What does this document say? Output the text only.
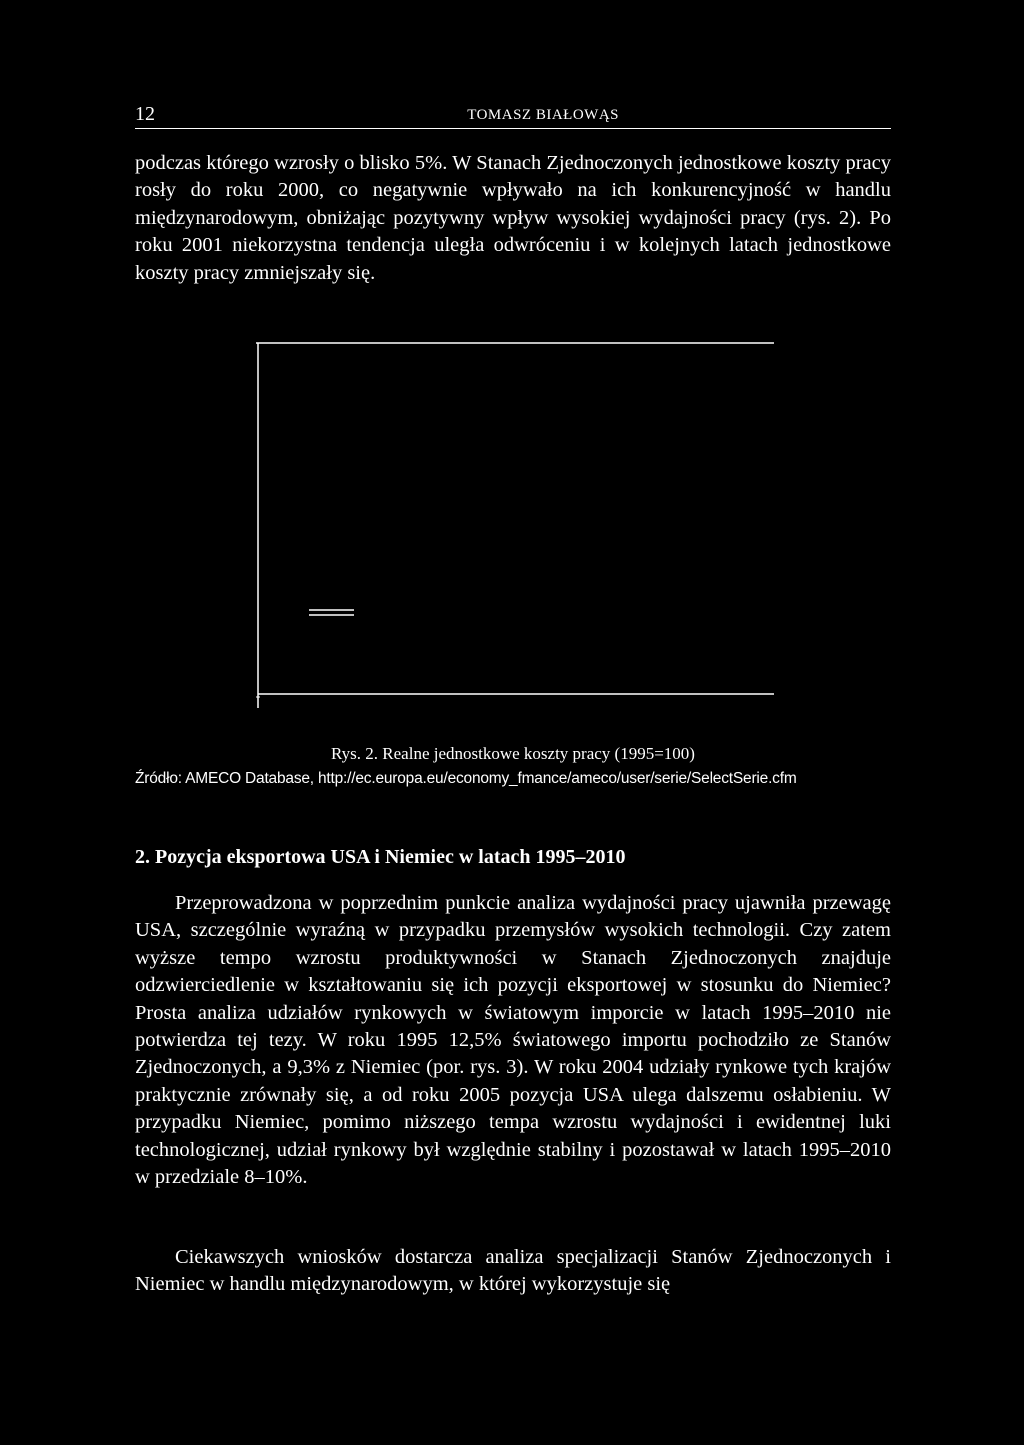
12	TOMASZ BIAŁOWĄS

podczas którego wzrosły o blisko 5%. W Stanach Zjednoczonych jednostkowe koszty pracy rosły do roku 2000, co negatywnie wpływało na ich konkurencyjność w handlu międzynarodowym, obniżając pozytywny wpływ wysokiej wydajności pracy (rys. 2). Po roku 2001 niekorzystna tendencja uległa odwróceniu i w kolejnych latach jednostkowe koszty pracy zmniejszały się.

Rys. 2. Realne jednostkowe koszty pracy (1995=100)
Źródło: AMECO Database, http://ec.europa.eu/economy_fmance/ameco/user/serie/SelectSerie.cfm
2. Pozycja eksportowa USA i Niemiec w latach 1995–2010

Przeprowadzona w poprzednim punkcie analiza wydajności pracy ujawniła przewagę USA, szczególnie wyraźną w przypadku przemysłów wysokich technologii. Czy zatem wyższe tempo wzrostu produktywności w Stanach Zjednoczonych znajduje odzwierciedlenie w kształtowaniu się ich pozycji eksportowej w stosunku do Niemiec? Prosta analiza udziałów rynkowych w światowym imporcie w latach 1995–2010 nie potwierdza tej tezy. W roku 1995 12,5% światowego importu pochodziło ze Stanów Zjednoczonych, a 9,3% z Niemiec (por. rys. 3). W roku 2004 udziały rynkowe tych krajów praktycznie zrównały się, a od roku 2005 pozycja USA ulega dalszemu osłabieniu. W przypadku Niemiec, pomimo niższego tempa wzrostu wydajności i ewidentnej luki technologicznej, udział rynkowy był względnie stabilny i pozostawał w latach 1995–2010 w przedziale 8–10%.

Ciekawszych wniosków dostarcza analiza specjalizacji Stanów Zjednoczonych i Niemiec w handlu międzynarodowym, w której wykorzystuje się
